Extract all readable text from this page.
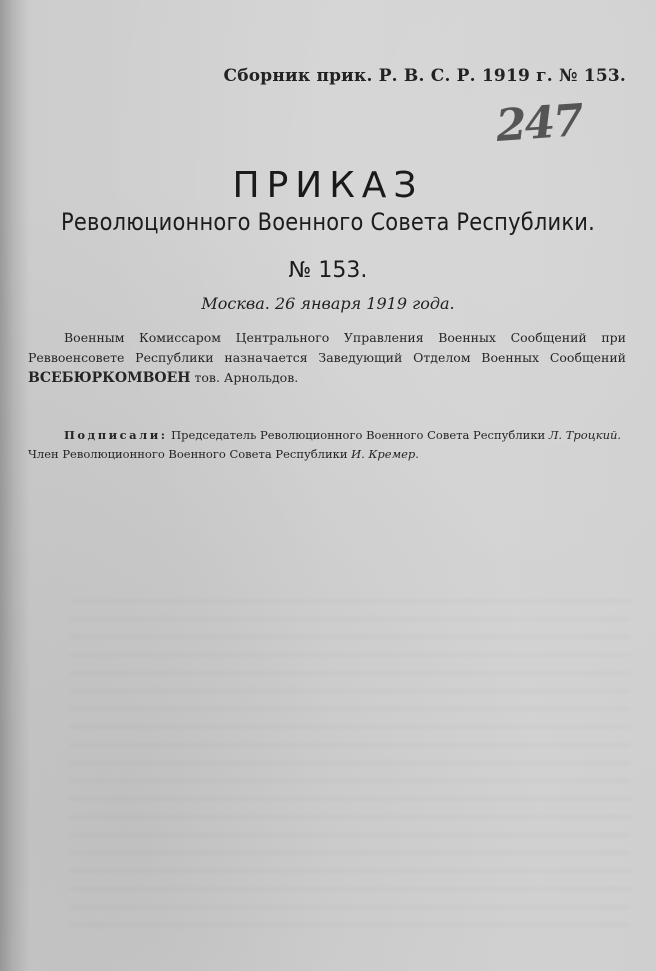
Сборник прик. Р. В. С. Р. 1919 г. № 153.
247
ПРИКАЗ
Революционного Военного Совета Республики.
№ 153.
Москва. 26 января 1919 года.
Военным Комиссаром Центрального Управления Военных Сообщений при
Реввоенсовете Республики назначается Заведующий Отделом Военных Сообщений
ВСЕБЮРКОМВОЕН тов. Арнольдов.
Подписали: Председатель Революционного Военного Совета Республики Л. Троцкий.
Член Революционного Военного Совета Республики И. Кремер.
